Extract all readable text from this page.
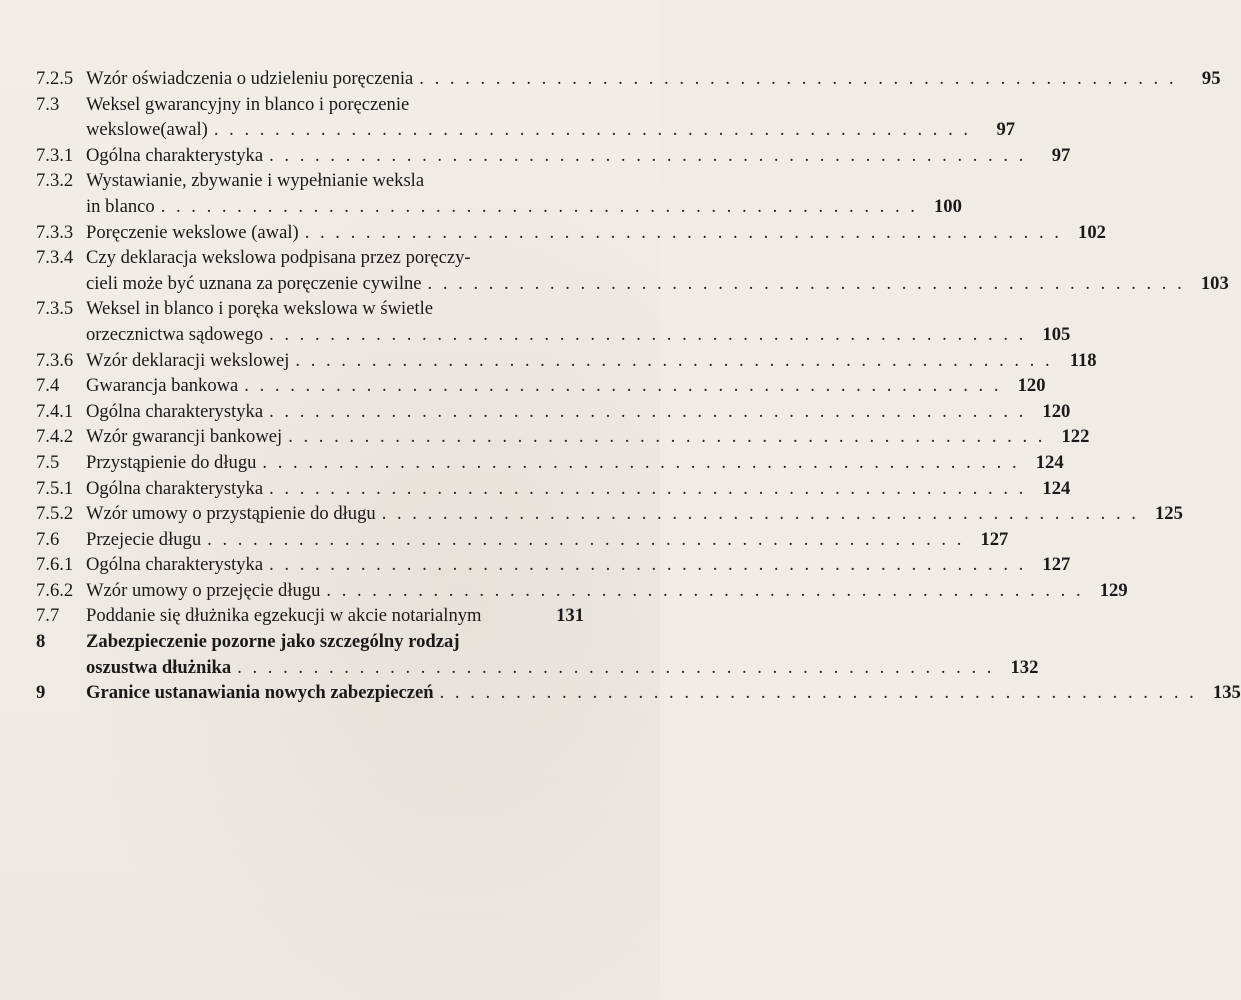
7.2.5 Wzór oświadczenia o udzieleniu poręczenia . . . . . . . . . . . . . . . . . . . . . . . . . . . . . . . . . . . . . . . . . . . . . . . . . .	95
7.3	Weksel gwarancyjny in blanco i poręczenie
wekslowe(awal) . . . . . . . . . . . . . . . . . . . . . . . . . . . . . . . . . . . . . . . . . . . . . . . . . .	97
7.3.1 Ogólna charakterystyka . . . . . . . . . . . . . . . . . . . . . . . . . . . . . . . . . . . . . . . . . . . . . . . . . .	97
7.3.2 Wystawianie, zbywanie i wypełnianie weksla
in blanco . . . . . . . . . . . . . . . . . . . . . . . . . . . . . . . . . . . . . . . . . . . . . . . . . . 100
7.3.3 Poręczenie wekslowe (awal) . . . . . . . . . . . . . . . . . . . . . . . . . . . . . . . . . . . . . . . . . . . . . . . . . . 102
7.3.4 Czy deklaracja wekslowa podpisana przez poręczy-
cieli może być uznana za poręczenie cywilne . . . . . . . . . . . . . . . . . . . . . . . . . . . . . . . . . . . . . . . . . . . . . . . . . . 103
7.3.5 Weksel in blanco i poręka wekslowa w świetle
orzecznictwa sądowego . . . . . . . . . . . . . . . . . . . . . . . . . . . . . . . . . . . . . . . . . . . . . . . . . . 105
7.3.6 Wzór deklaracji wekslowej . . . . . . . . . . . . . . . . . . . . . . . . . . . . . . . . . . . . . . . . . . . . . . . . . . 118
7.4	Gwarancja bankowa . . . . . . . . . . . . . . . . . . . . . . . . . . . . . . . . . . . . . . . . . . . . . . . . . . 120
7.4.1 Ogólna charakterystyka . . . . . . . . . . . . . . . . . . . . . . . . . . . . . . . . . . . . . . . . . . . . . . . . . . 120
7.4.2 Wzór gwarancji bankowej . . . . . . . . . . . . . . . . . . . . . . . . . . . . . . . . . . . . . . . . . . . . . . . . . . 122
7.5	Przystąpienie do długu . . . . . . . . . . . . . . . . . . . . . . . . . . . . . . . . . . . . . . . . . . . . . . . . . . 124
7.5.1 Ogólna charakterystyka . . . . . . . . . . . . . . . . . . . . . . . . . . . . . . . . . . . . . . . . . . . . . . . . . . 124
7.5.2 Wzór umowy o przystąpienie do długu . . . . . . . . . . . . . . . . . . . . . . . . . . . . . . . . . . . . . . . . . . . . . . . . . . 125
7.6	Przejecie długu . . . . . . . . . . . . . . . . . . . . . . . . . . . . . . . . . . . . . . . . . . . . . . . . . . 127
7.6.1 Ogólna charakterystyka . . . . . . . . . . . . . . . . . . . . . . . . . . . . . . . . . . . . . . . . . . . . . . . . . . 127
7.6.2 Wzór umowy o przejęcie długu . . . . . . . . . . . . . . . . . . . . . . . . . . . . . . . . . . . . . . . . . . . . . . . . . . 129
7.7	Poddanie się dłużnika egzekucji w akcie notarialnym	131
8	Zabezpieczenie pozorne jako szczególny rodzaj
oszustwa dłużnika . . . . . . . . . . . . . . . . . . . . . . . . . . . . . . . . . . . . . . . . . . . . . . . . . . 132
9	Granice ustanawiania nowych zabezpieczeń . . . . . . . . . . . . . . . . . . . . . . . . . . . . . . . . . . . . . . . . . . . . . . . . . . 135
